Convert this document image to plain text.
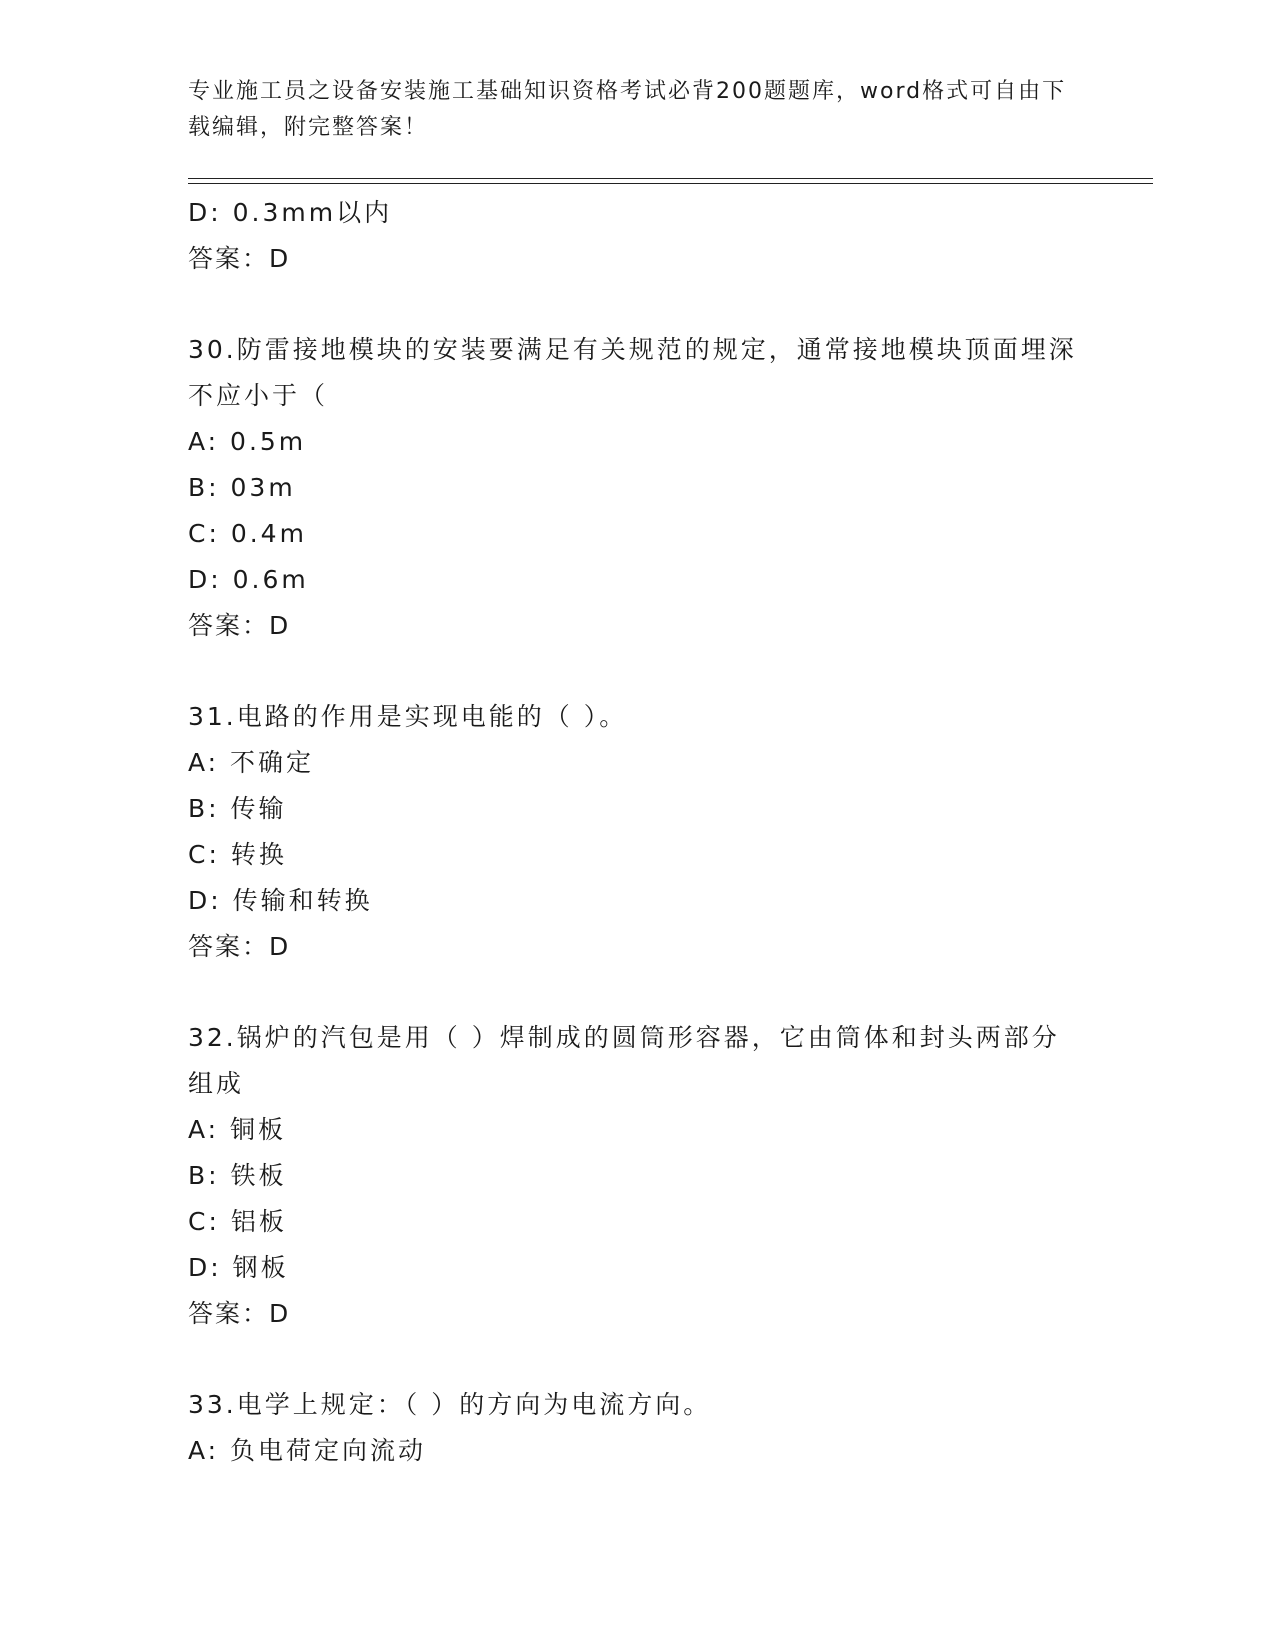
专业施工员之设备安装施工基础知识资格考试必背200题题库，word格式可自由下载编辑，附完整答案！
D: 0.3mm以内
答案：D
30.防雷接地模块的安装要满足有关规范的规定，通常接地模块顶面埋深不应小于（
A: 0.5m
B: 03m
C: 0.4m
D: 0.6m
答案：D
31.电路的作用是实现电能的（ ）。
A: 不确定
B: 传输
C: 转换
D: 传输和转换
答案：D
32.锅炉的汽包是用（ ）焊制成的圆筒形容器，它由筒体和封头两部分组成
A: 铜板
B: 铁板
C: 铝板
D: 钢板
答案：D
33.电学上规定：（ ）的方向为电流方向。
A: 负电荷定向流动
